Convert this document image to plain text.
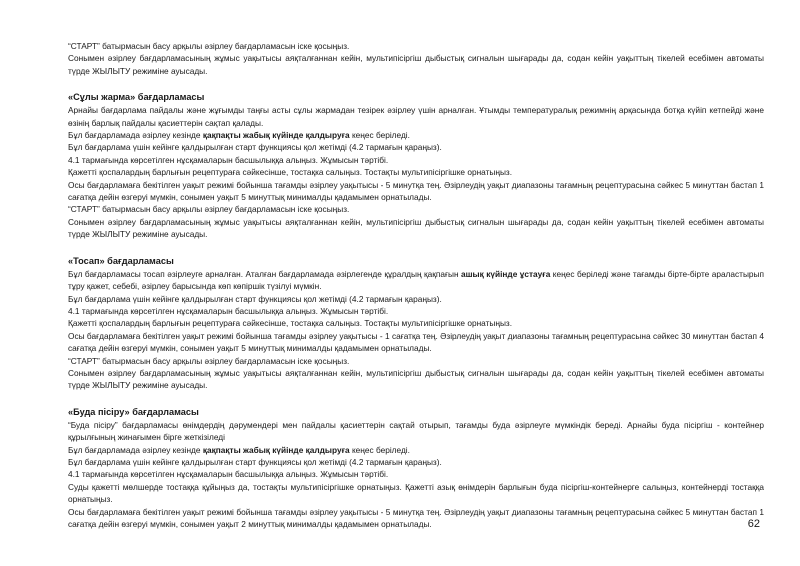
“СТАРТ” батырмасын басу арқылы әзірлеу бағдарламасын іске қосыңыз.

Сонымен әзірлеу бағдарламасының жұмыс уақытысы аяқталғаннан кейін, мультипісіргіш дыбыстық сигналын шығарады да, содан кейін уақыттың тікелей есебімен автоматы түрде ЖЫЛЫТУ режиміне ауысады.

«Сұлы жарма» бағдарламасы

Арнайы бағдарлама пайдалы және жұғымды таңғы асты сұлы жармадан тезірек әзірлеу үшін арналған. Ұтымды температуралық режимнің арқасында ботқа күйіп кетпейді және өзінің барлық пайдалы қасиеттерін сақтап қалады.

Бұл бағдарламада әзірлеу кезінде қақпақты жабық күйінде қалдыруға кеңес беріледі.

Бұл бағдарлама үшін кейінге қалдырылған старт функциясы қол жетімді (4.2 тармағын қараңыз).

4.1 тармағында көрсетілген нұсқамаларын басшылыққа алыңыз. Жұмысын тәртібі.

Қажетті қоспалардың барлығын рецептураға сәйкесінше, тостақка салыңыз. Тостақты мультипісіргішке орнатыңыз.

Осы бағдарламаға бекітілген уақыт режимі бойынша тағамды әзірлеу уақытысы - 5 минутқа тең. Әзірлеудің уақыт диапазоны тағамның рецептурасына сәйкес 5 минуттан бастап 1 сағатқа дейін өзгеруі мүмкін, сонымен уақыт 5 минуттық минималды қадамымен орнатылады.

“СТАРТ” батырмасын басу арқылы әзірлеу бағдарламасын іске қосыңыз.

Сонымен әзірлеу бағдарламасының жұмыс уақытысы аяқталғаннан кейін, мультипісіргіш дыбыстық сигналын шығарады да, содан кейін уақыттың тікелей есебімен автоматы түрде ЖЫЛЫТУ режиміне ауысады.

«Тосап» бағдарламасы

Бұл бағдарламасы тосап әзірлеуге арналған. Аталған бағдарламада әзірлегенде құралдың қақпағын ашық күйінде ұстауға кеңес беріледі және тағамды бірте-бірте араластырып тұру қажет, себебі, әзірлеу барысында көп көпіршік түзілуі мүмкін.

Бұл бағдарлама үшін кейінге қалдырылған старт функциясы қол жетімді (4.2 тармағын қараңыз).

4.1 тармағында көрсетілген нұсқамаларын басшылыққа алыңыз. Жұмысын тәртібі.

Қажетті қоспалардың барлығын рецептураға сәйкесінше, тостақка салыңыз. Тостақты мультипісіргішке орнатыңыз.

Осы бағдарламаға бекітілген уақыт режимі бойынша тағамды әзірлеу уақытысы - 1 сағатқа тең. Әзірлеудің уақыт диапазоны тағамның рецептурасына сәйкес 30 минуттан бастап 4 сағатқа дейін өзгеруі мүмкін, сонымен уақыт 5 минуттық минималды қадамымен орнатылады.

“СТАРТ” батырмасын басу арқылы әзірлеу бағдарламасын іске қосыңыз.

Сонымен әзірлеу бағдарламасының жұмыс уақытысы аяқталғаннан кейін, мультипісіргіш дыбыстық сигналын шығарады да, содан кейін уақыттың тікелей есебімен автоматы түрде ЖЫЛЫТУ режиміне ауысады.

«Буда пісіру» бағдарламасы

“Буда пісіру” бағдарламасы өнімдердің дәрумендері мен пайдалы қасиеттерін сақтай отырып, тағамды буда әзірлеуге мүмкіндік береді. Арнайы буда пісіргіш - контейнер құрылғының жинағымен бірге жеткізіледі

Бұл бағдарламада әзірлеу кезінде қақпақты жабық күйінде қалдыруға кеңес беріледі.

Бұл бағдарлама үшін кейінге қалдырылған старт функциясы қол жетімді (4.2 тармағын қараңыз).

4.1 тармағында көрсетілген нұсқамаларын басшылыққа алыңыз. Жұмысын тәртібі.

Суды қажетті мөлшерде тостаққа құйыңыз да, тостақты мультипісіргішке орнатыңыз. Қажетті азық өнімдерін барлығын буда пісіргіш-контейнерге салыңыз, контейнерді тостаққа орнатыңыз.

Осы бағдарламаға бекітілген уақыт режимі бойынша тағамды әзірлеу уақытысы - 5 минутқа тең. Әзірлеудің уақыт диапазоны тағамның рецептурасына сәйкес 5 минуттан бастап 1 сағатқа дейін өзгеруі мүмкін, сонымен уақыт 2 минуттық минималды қадамымен орнатылады.	62
